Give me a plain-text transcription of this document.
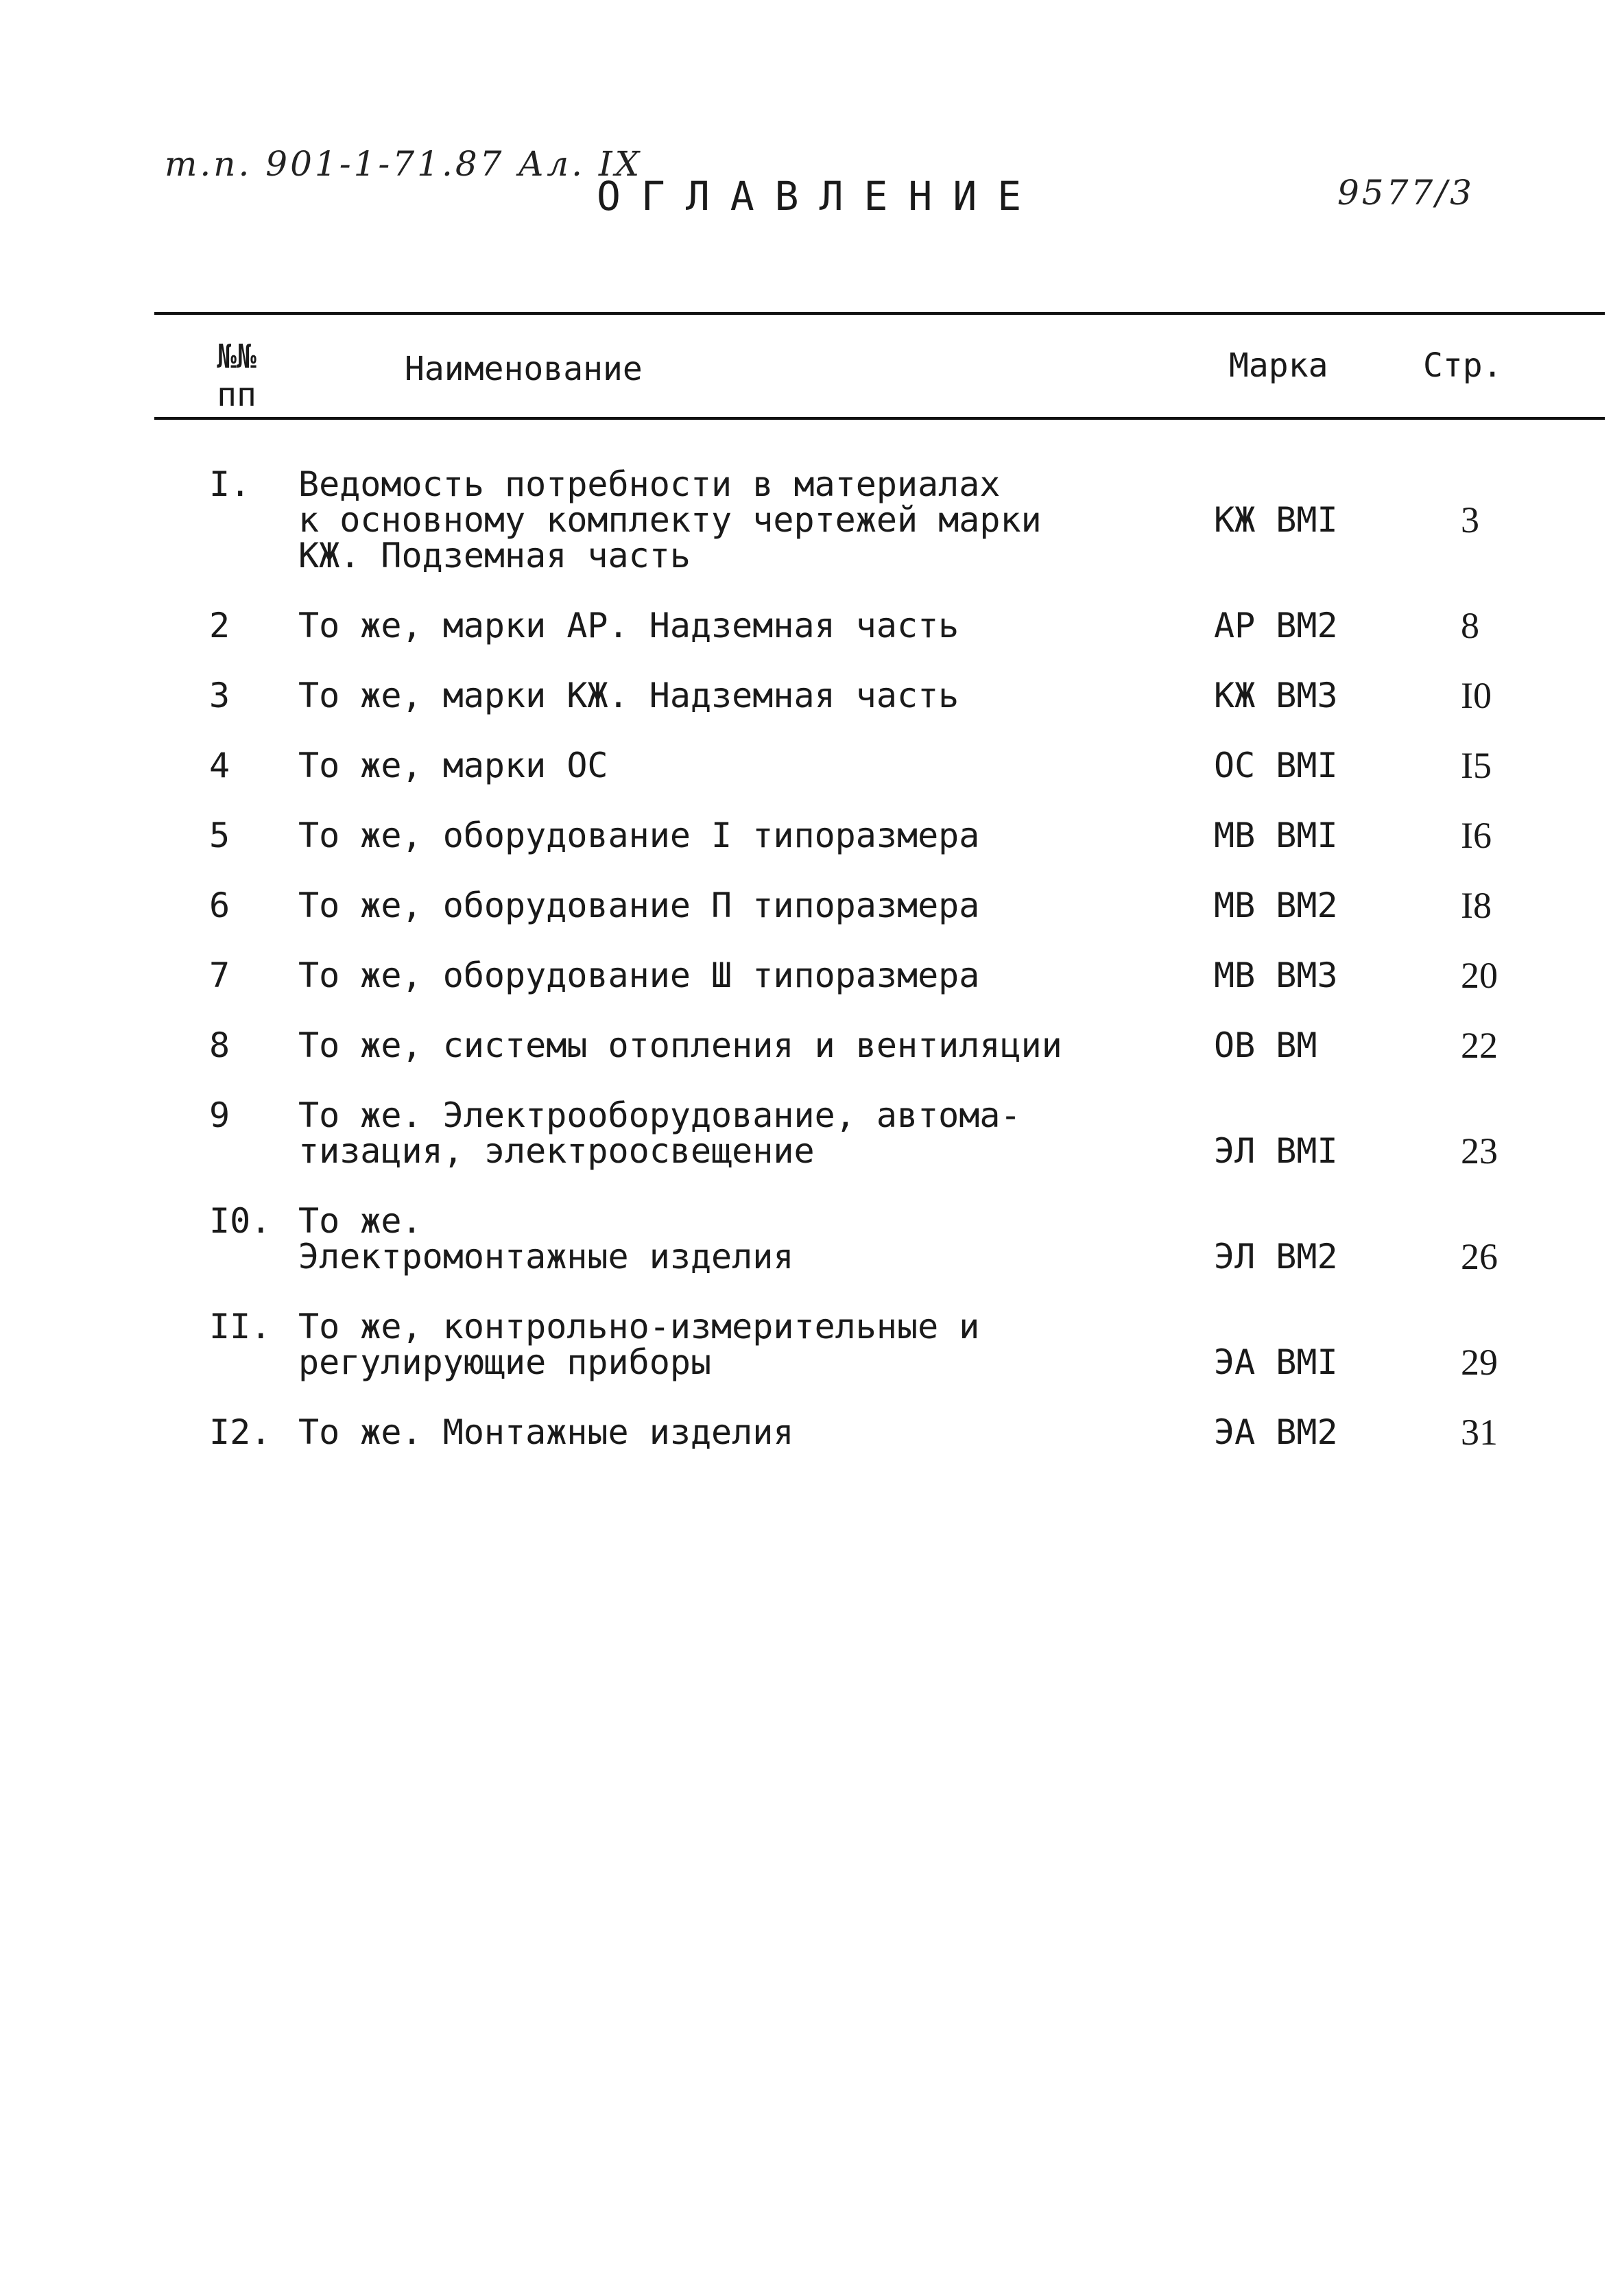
т.п. 901-1-71.87 Ал. IX
9577/3
ОГЛАВЛЕНИЕ
№№
пп
Наименование	Марка	Стр.
I.	Ведомость потребности в материалах
к основному комплекту чертежей марки
КЖ. Подземная часть
КЖ ВМI	3
2	То же, марки АР. Надземная часть	АР ВМ2	8
3	То же, марки КЖ. Надземная часть	КЖ ВМ3	I0
4	То же, марки ОС	ОС ВМI	I5
5	То же, оборудование I типоразмера	МВ ВМI	I6
6	То же, оборудование П типоразмера	МВ ВМ2	I8
7	То же, оборудование Ш типоразмера	МВ ВМ3	20
8	То же, системы отопления и вентиляции	ОВ ВМ	22
9	То же. Электрооборудование, автома-
тизация, электроосвещение	ЭЛ ВМI	23
I0. То же.
Электромонтажные изделия	ЭЛ ВМ2	26
II. То же, контрольно-измерительные и
регулирующие приборы	ЭА ВМI	29
I2. То же. Монтажные изделия	ЭА ВМ2	31
